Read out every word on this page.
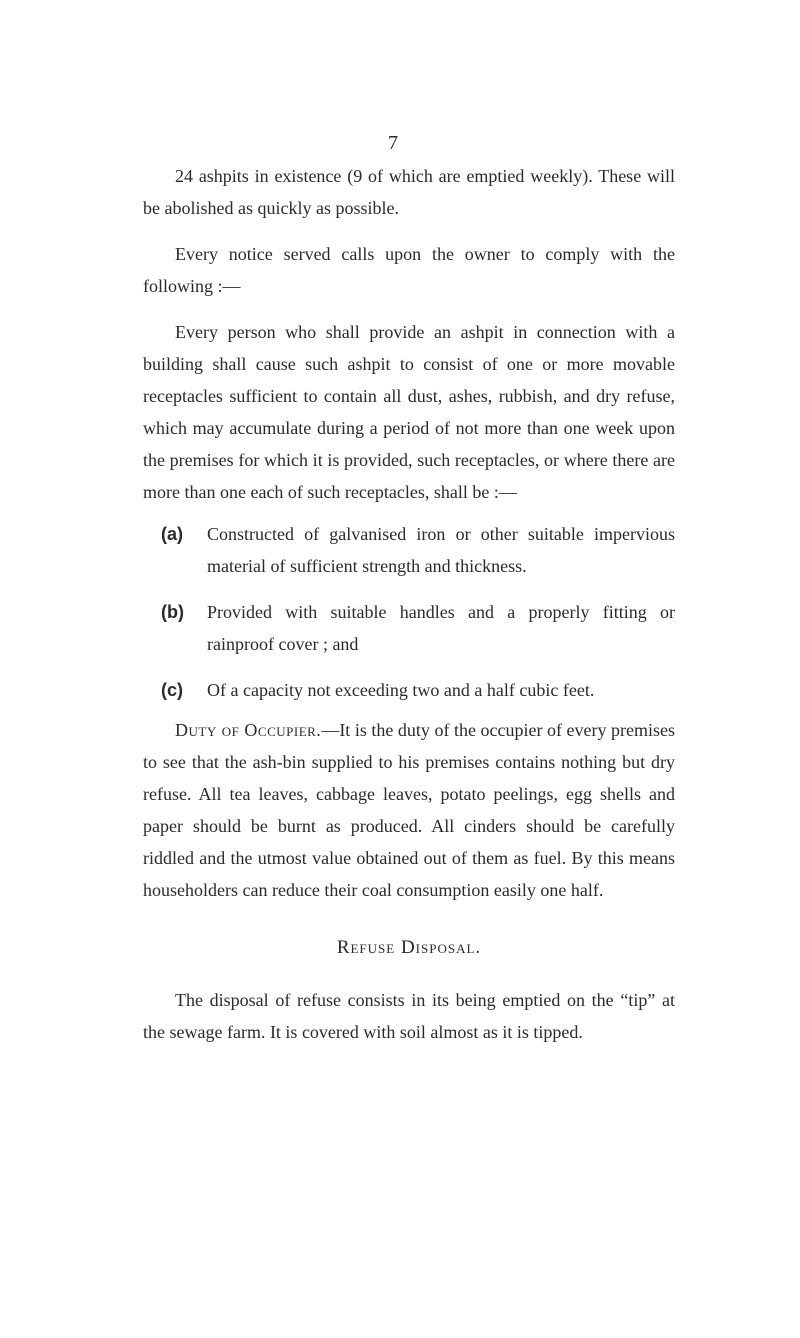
7

24 ashpits in existence (9 of which are emptied weekly). These will be abolished as quickly as possible.

Every notice served calls upon the owner to comply with the following :—

Every person who shall provide an ashpit in connection with a building shall cause such ashpit to consist of one or more movable receptacles sufficient to contain all dust, ashes, rubbish, and dry refuse, which may accumulate during a period of not more than one week upon the premises for which it is provided, such receptacles, or where there are more than one each of such receptacles, shall be :—

(a)	Constructed of galvanised iron or other suitable impervious material of sufficient strength and thickness.
(b)	Provided with suitable handles and a properly fitting or rainproof cover ; and
(c)	Of a capacity not exceeding two and a half cubic feet.

Duty of Occupier.—It is the duty of the occupier of every premises to see that the ash-bin supplied to his premises contains nothing but dry refuse. All tea leaves, cabbage leaves, potato peelings, egg shells and paper should be burnt as produced. All cinders should be carefully riddled and the utmost value obtained out of them as fuel. By this means householders can reduce their coal consumption easily one half.

Refuse Disposal.

The disposal of refuse consists in its being emptied on the “tip” at the sewage farm. It is covered with soil almost as it is tipped.
